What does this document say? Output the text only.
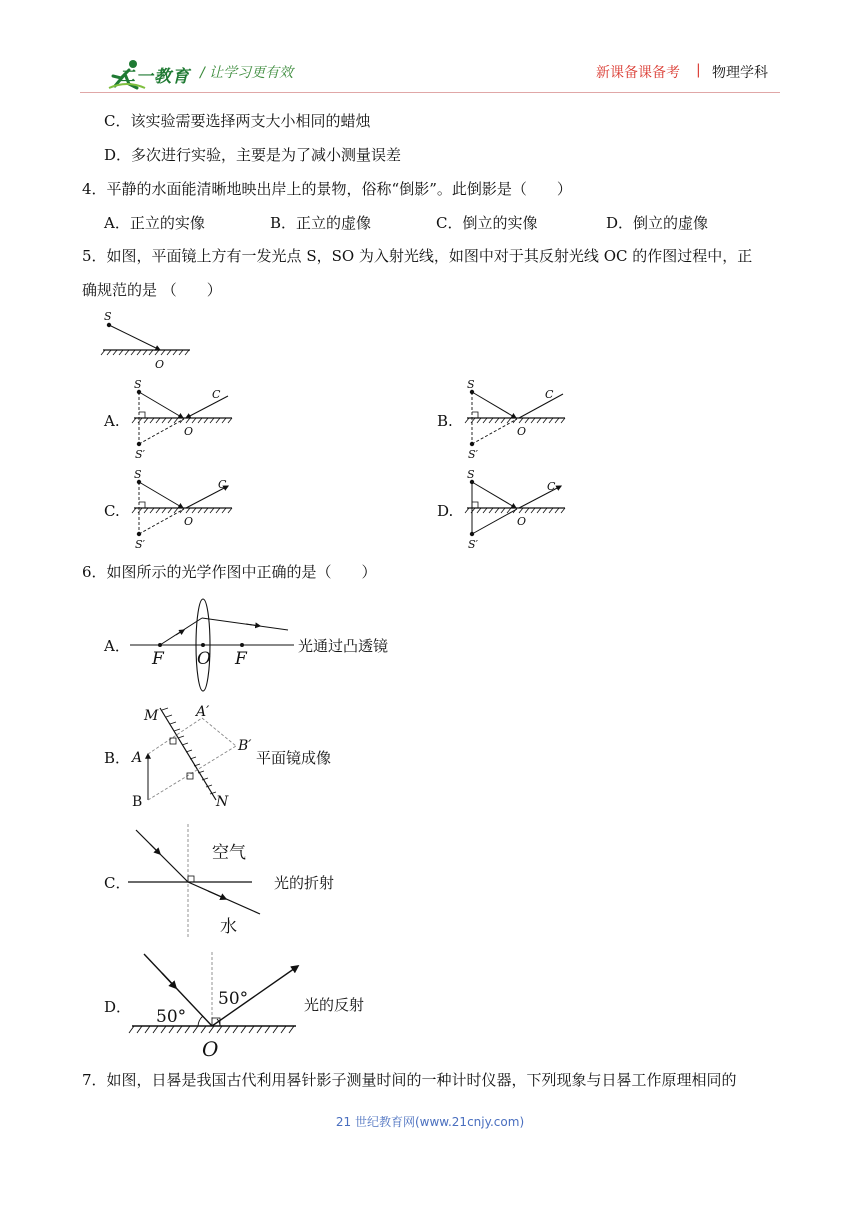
二一教育 / 让学习更有效	新课备课备考 | 物理学科
C．该实验需要选择两支大小相同的蜡烛
D．多次进行实验，主要是为了减小测量误差
4．平静的水面能清晰地映出岸上的景物，俗称“倒影”。此倒影是（　　）
A．正立的实像	B．正立的虚像	C．倒立的实像	D．倒立的虚像
5．如图，平面镜上方有一发光点 S，SO 为入射光线，如图中对于其反射光线 OC 的作图过程中，正
确规范的是 （　　）
S
O
A.	B.
C.	D.
S
C
O
S′
S
C
O
S′
S
C
O
S′
S
C
O
S′
6．如图所示的光学作图中正确的是（　　）
A．
B．
C．
D．
F O F
光通过凸透镜
M	A′
B′
A
B	N
平面镜成像
空气
水
光的折射
50°
50°
O
光的反射
7．如图，日晷是我国古代利用晷针影子测量时间的一种计时仪器，下列现象与日晷工作原理相同的
21 世纪教育网(www.21cnjy.com)
